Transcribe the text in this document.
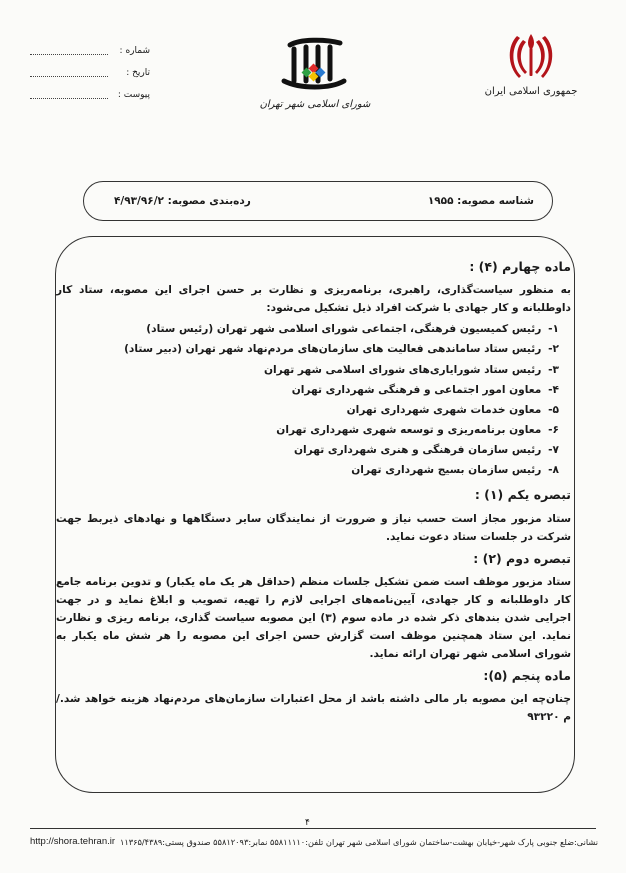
جمهوری اسلامی ایران
شورای اسلامی شهر تهران
شماره :
تاریخ :
پیوست :
شناسه مصوبه: ۱۹۵۵
رده‌بندی مصوبه: ۴/۹۳/۹۶/۲
ماده چهارم (۴) :

به منظور سیاست‌گذاری، راهبری، برنامه‌ریزی و نظارت بر حسن اجرای این مصوبه، ستاد کار داوطلبانه و کار جهادی با شرکت افراد ذیل تشکیل می‌شود:

۱- رئیس کمیسیون فرهنگی، اجتماعی شورای اسلامی شهر تهران (رئیس ستاد)
۲- رئیس ستاد ساماندهی فعالیت های سازمان‌های مردم‌نهاد شهر تهران (دبیر ستاد)
۳- رئیس ستاد شورایاری‌های شورای اسلامی شهر تهران
۴- معاون امور اجتماعی و فرهنگی شهرداری تهران
۵- معاون خدمات شهری شهرداری تهران
۶- معاون برنامه‌ریزی و توسعه شهری شهرداری تهران
۷- رئیس سازمان فرهنگی و هنری شهرداری تهران
۸- رئیس سازمان بسیج شهرداری تهران
تبصره یکم (۱) :

ستاد مزبور مجاز است حسب نیاز و ضرورت از نمایندگان سایر دستگاهها و نهادهای ذیربط جهت شرکت در جلسات ستاد دعوت نماید.

تبصره دوم (۲) :

ستاد مزبور موظف است ضمن تشکیل جلسات منظم (حداقل هر یک ماه یکبار) و تدوین برنامه جامع کار داوطلبانه و کار جهادی، آیین‌نامه‌های اجرایی لازم را تهیه، تصویب و ابلاغ نماید و در جهت اجرایی شدن بندهای ذکر شده در ماده سوم (۳) این مصوبه سیاست گذاری، برنامه ریزی و نظارت نماید. این ستاد همچنین موظف است گزارش حسن اجرای این مصوبه را هر شش ماه یکبار به شورای اسلامی شهر تهران ارائه نماید.

ماده پنجم (۵):

چنان‌چه این مصوبه بار مالی داشته باشد از محل اعتبارات سازمان‌های مردم‌نهاد هزینه خواهد شد./ م ۹۳۲۲۰

۴
نشانی:ضلع جنوبی پارک شهر-خیابان بهشت-ساختمان شورای اسلامی شهر تهران تلفن:۵۵۸۱۱۱۱۰ نمابر:۵۵۸۱۲۰۹۳ صندوق پستی:۱۱۳۶۵/۴۳۸۹
http://shora.tehran.ir
